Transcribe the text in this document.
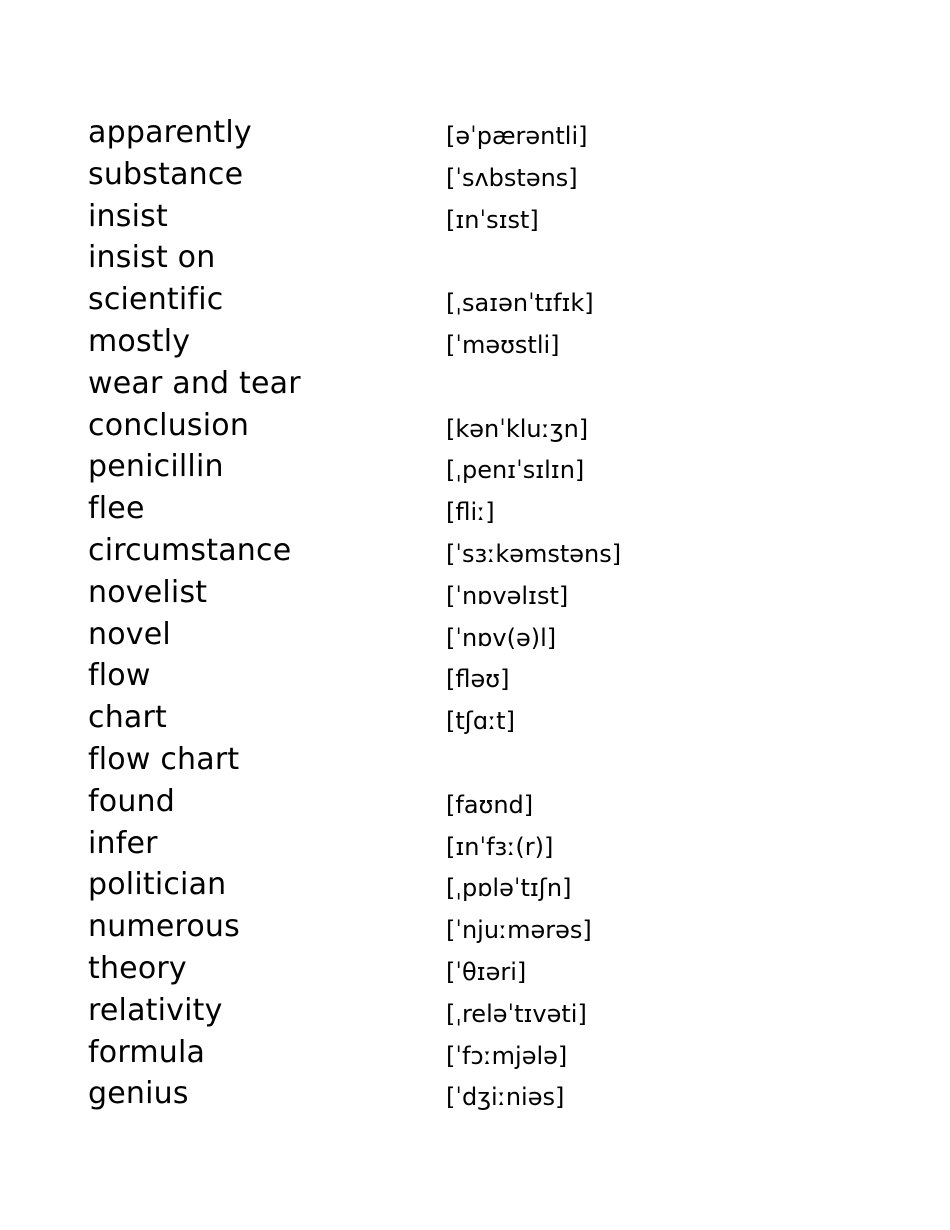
apparently	[əˈpærəntli]
substance	[ˈsʌbstəns]
insist	[ɪnˈsɪst]
insist on
scientific	[ˌsaɪənˈtɪfɪk]
mostly	[ˈməʊstli]
wear and tear
conclusion	[kənˈkluːʒn]
penicillin	[ˌpenɪˈsɪlɪn]
flee	[fliː]
circumstance	[ˈsɜːkəmstəns]
novelist	[ˈnɒvəlɪst]
novel	[ˈnɒv(ə)l]
flow	[fləʊ]
chart	[tʃɑːt]
flow chart
found	[faʊnd]
infer	[ɪnˈfɜː(r)]
politician	[ˌpɒləˈtɪʃn]
numerous	[ˈnjuːmərəs]
theory	[ˈθɪəri]
relativity	[ˌreləˈtɪvəti]
formula	[ˈfɔːmjələ]
genius	[ˈdʒiːniəs]
